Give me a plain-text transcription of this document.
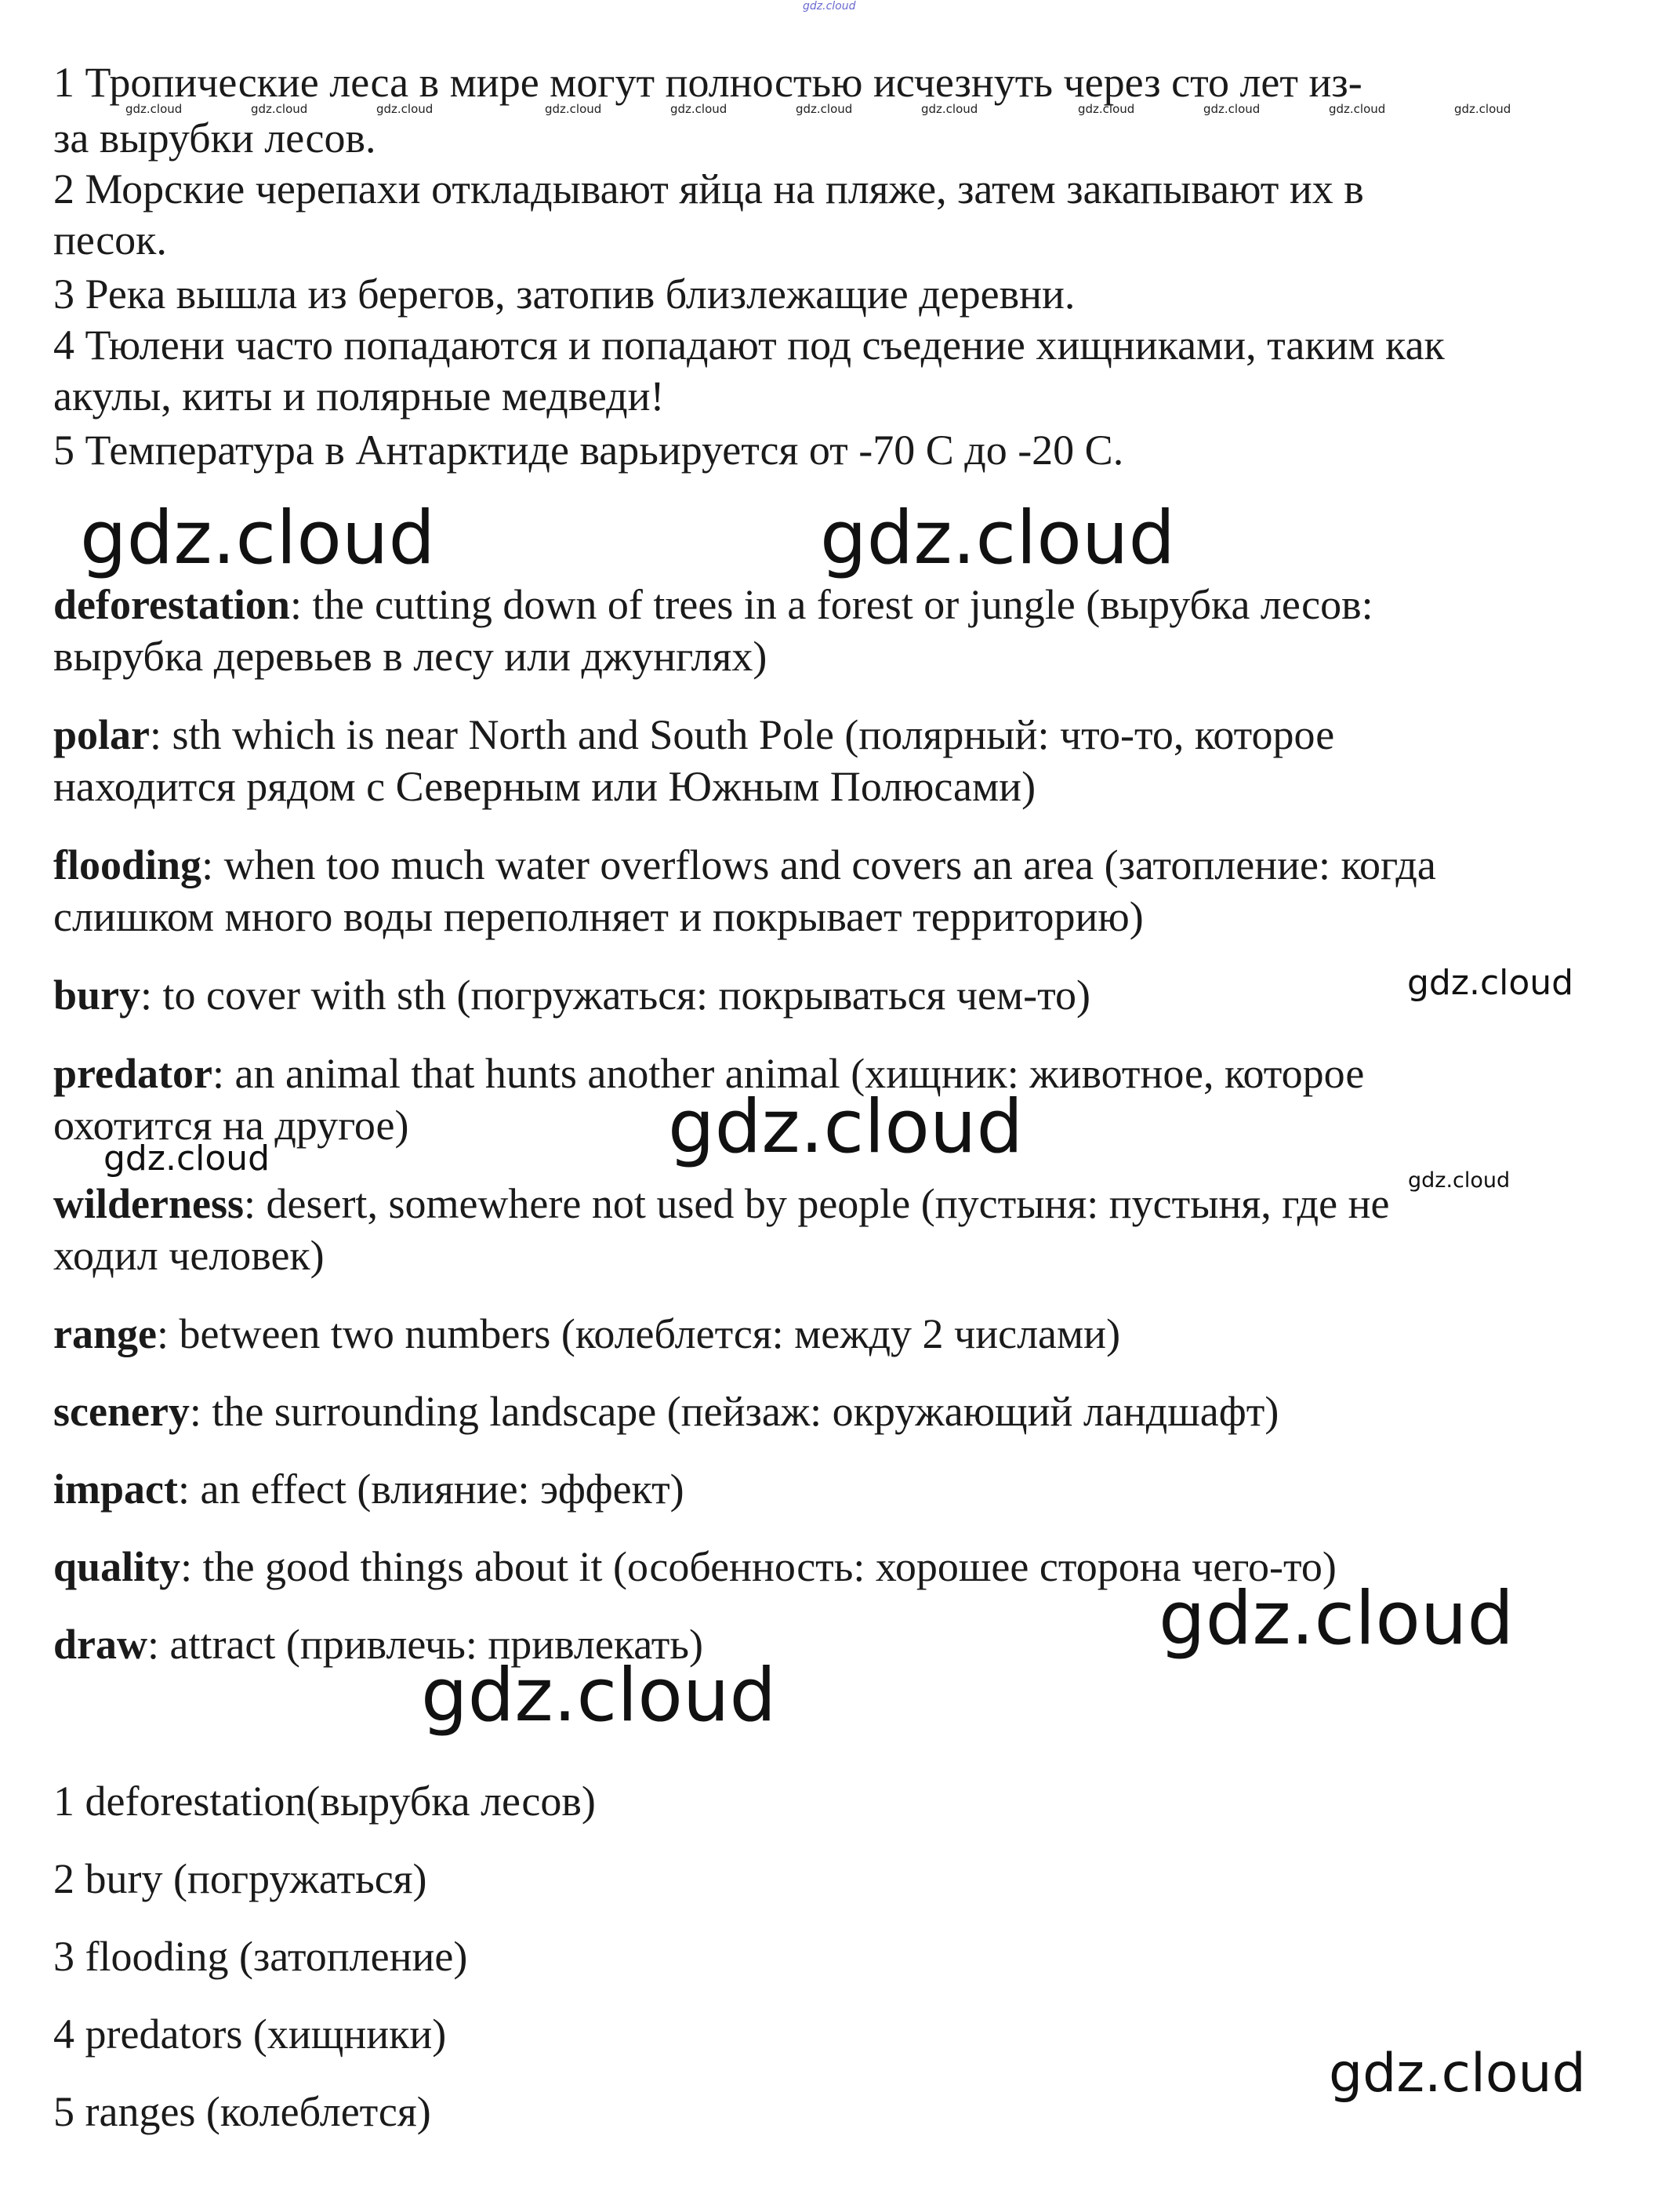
gdz.cloud
1 Тропические леса в мире могут полностью исчезнуть через сто лет из-
за вырубки лесов.
2 Морские черепахи откладывают яйца на пляже, затем закапывают их в
песок.
3 Река вышла из берегов, затопив близлежащие деревни.
4 Тюлени часто попадаются и попадают под съедение хищниками, таким как
акулы, киты и полярные медведи!
5 Температура в Антарктиде варьируется от -70 С до -20 С.
gdz.cloud	gdz.cloud	gdz.cloud	gdz.cloud	gdz.cloud	gdz.cloud	gdz.cloud	gdz.cloud	gdz.cloud	gdz.cloud	gdz.cloud
gdz.cloud	gdz.cloud
gdz.cloud
gdz.cloud
gdz.cloud
gdz.cloud
gdz.cloud
gdz.cloud
gdz.cloud
deforestation: the cutting down of trees in a forest or jungle (вырубка лесов:
вырубка деревьев в лесу или джунглях)
polar: sth which is near North and South Pole (полярный: что-то, которое
находится рядом с Северным или Южным Полюсами)
flooding: when too much water overflows and covers an area (затопление: когда
слишком много воды переполняет и покрывает территорию)
bury: to cover with sth (погружаться: покрываться чем-то)
predator: an animal that hunts another animal (хищник: животное, которое
охотится на другое)
wilderness: desert, somewhere not used by people (пустыня: пустыня, где не
ходил человек)
range: between two numbers (колеблется: между 2 числами)
scenery: the surrounding landscape (пейзаж: окружающий ландшафт)
impact: an effect (влияние: эффект)
quality: the good things about it (особенность: хорошее сторона чего-то)
draw: attract (привлечь: привлекать)
1 deforestation(вырубка лесов)
2 bury (погружаться)
3 flooding (затопление)
4 predators (хищники)
5 ranges (колеблется)
